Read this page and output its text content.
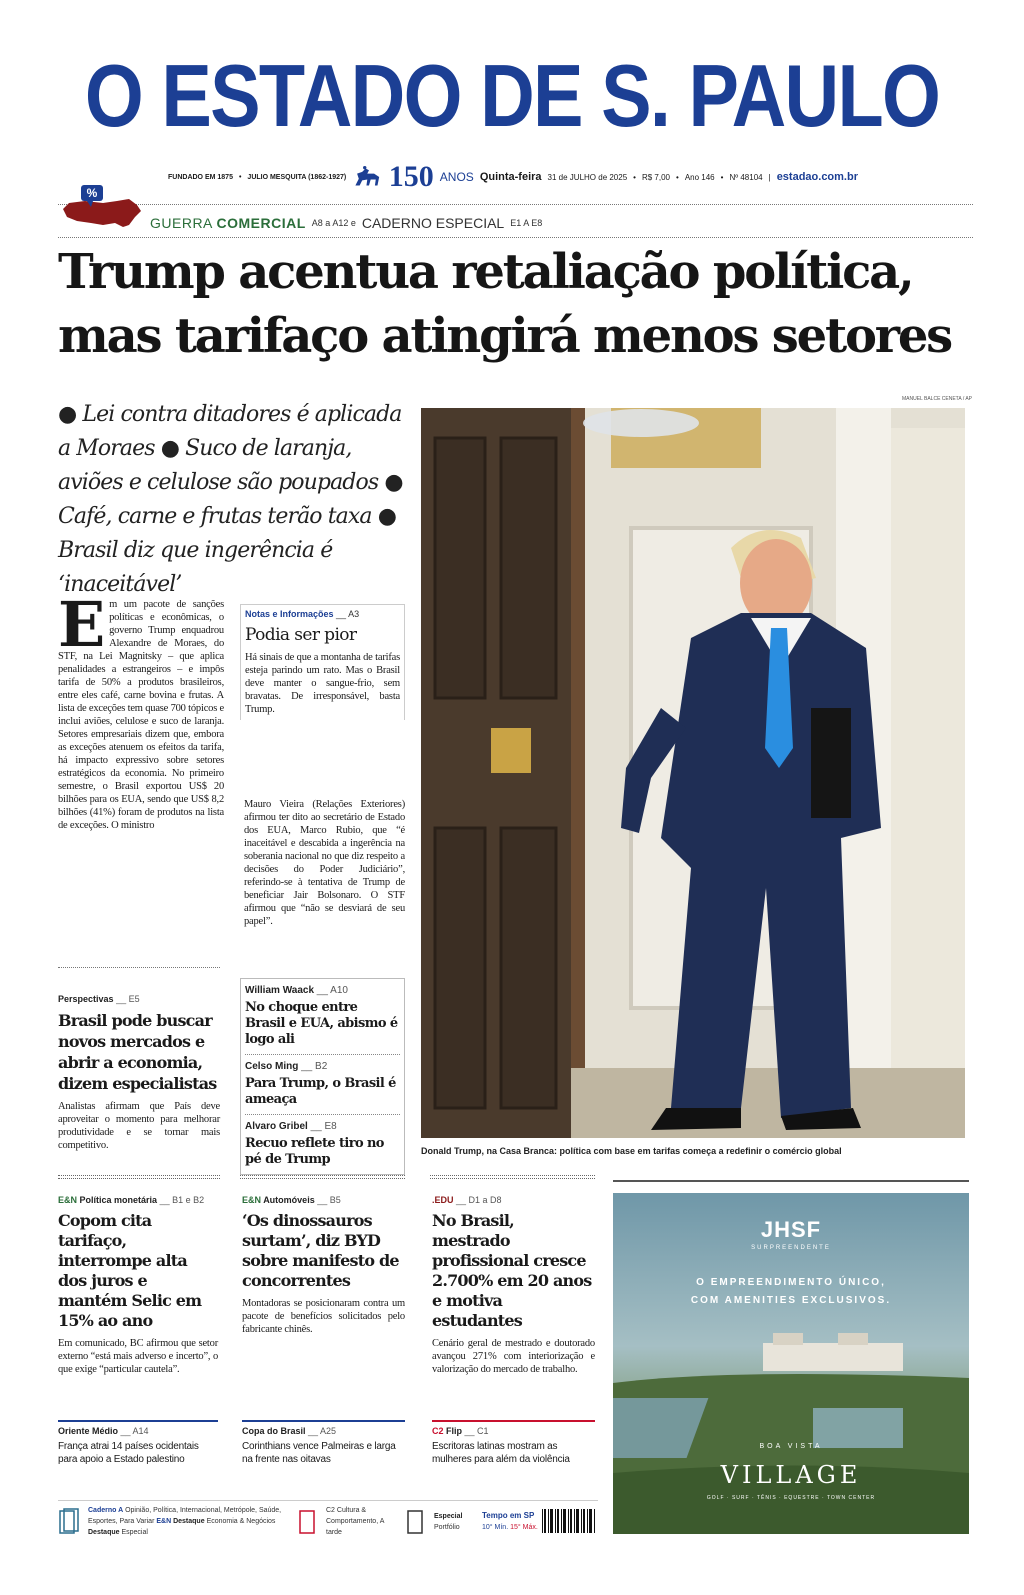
O ESTADO DE S. PAULO
FUNDADO EM 1875 • JULIO MESQUITA (1862-1927) 150 ANOS Quinta-feira 31 de JULHO de 2025 • R$ 7,00 • Ano 146 • Nº 48104 | estadao.com.br
%
GUERRA COMERCIAL A8 a A12 e CADERNO ESPECIAL E1 A E8
Trump acentua retaliação política,
mas tarifaço atingirá menos setores
● Lei contra ditadores é aplicada a Moraes ● Suco de laranja, aviões e celulose são poupados ● Café, carne e frutas terão taxa ● Brasil diz que ingerência é ‘inaceitável’
MANUEL BALCE CENETA / AP
Donald Trump, na Casa Branca: política com base em tarifas começa a redefinir o comércio global
E m um pacote de sanções políticas e econômicas, o governo Trump enquadrou Alexandre de Moraes, do STF, na Lei Magnitsky – que aplica penalidades a estrangeiros – e impôs tarifa de 50% a produtos brasileiros, entre eles café, carne bovina e frutas. A lista de exceções tem quase 700 tópicos e inclui aviões, celulose e suco de laranja. Setores empresariais dizem que, embora as exceções atenuem os efeitos da tarifa, há impacto expressivo sobre setores estratégicos da economia. No primeiro semestre, o Brasil exportou US$ 20 bilhões para os EUA, sendo que US$ 8,2 bilhões (41%) foram de produtos na lista de exceções. O ministro
Notas e Informações __ A3
Podia ser pior

Há sinais de que a montanha de tarifas esteja parindo um rato. Mas o Brasil deve manter o sangue-frio, sem bravatas. De irresponsável, basta Trump.

Mauro Vieira (Relações Exteriores) afirmou ter dito ao secretário de Estado dos EUA, Marco Rubio, que “é inaceitável e descabida a ingerência na soberania nacional no que diz respeito a decisões do Poder Judiciário”, referindo-se à tentativa de Trump de beneficiar Jair Bolsonaro. O STF afirmou que “não se desviará de seu papel”.
Perspectivas __ E5
Brasil pode buscar novos mercados e abrir a economia, dizem especialistas

Analistas afirmam que País deve aproveitar o momento para melhorar produtividade e se tornar mais competitivo.

William Waack __ A10
No choque entre Brasil e EUA, abismo é logo ali
Celso Ming __ B2
Para Trump, o Brasil é ameaça
Alvaro Gribel __ E8
Recuo reflete tiro no pé de Trump
E&N Política monetária __ B1 e B2
Copom cita tarifaço, interrompe alta dos juros e mantém Selic em 15% ao ano

Em comunicado, BC afirmou que setor externo “está mais adverso e incerto”, o que exige “particular cautela”.

E&N Automóveis __ B5
‘Os dinossauros surtam’, diz BYD sobre manifesto de concorrentes

Montadoras se posicionaram contra um pacote de benefícios solicitados pelo fabricante chinês.

.EDU __ D1 a D8
No Brasil, mestrado profissional cresce 2.700% em 20 anos e motiva estudantes

Cenário geral de mestrado e doutorado avançou 271% com interiorização e valorização do mercado de trabalho.

Oriente Médio __ A14

França atrai 14 países ocidentais para apoio a Estado palestino

Copa do Brasil __ A25

Corinthians vence Palmeiras e larga na frente nas oitavas

C2 Flip __ C1

Escritoras latinas mostram as mulheres para além da violência

JHSF
SURPREENDENTE
O EMPREENDIMENTO ÚNICO,
COM AMENITIES EXCLUSIVOS.
BOA VISTA
VILLAGE
GOLF · SURF · TÊNIS · EQUESTRE · TOWN CENTER
Caderno A Opinião, Política, Internacional, Metrópole, Saúde, Esportes, Para Variar E&N Destaque Economia & Negócios Destaque Especial
C2 Cultura & Comportamento, A tarde
Especial
Portfólio
Tempo em SP
10° Mín. 15° Máx.
